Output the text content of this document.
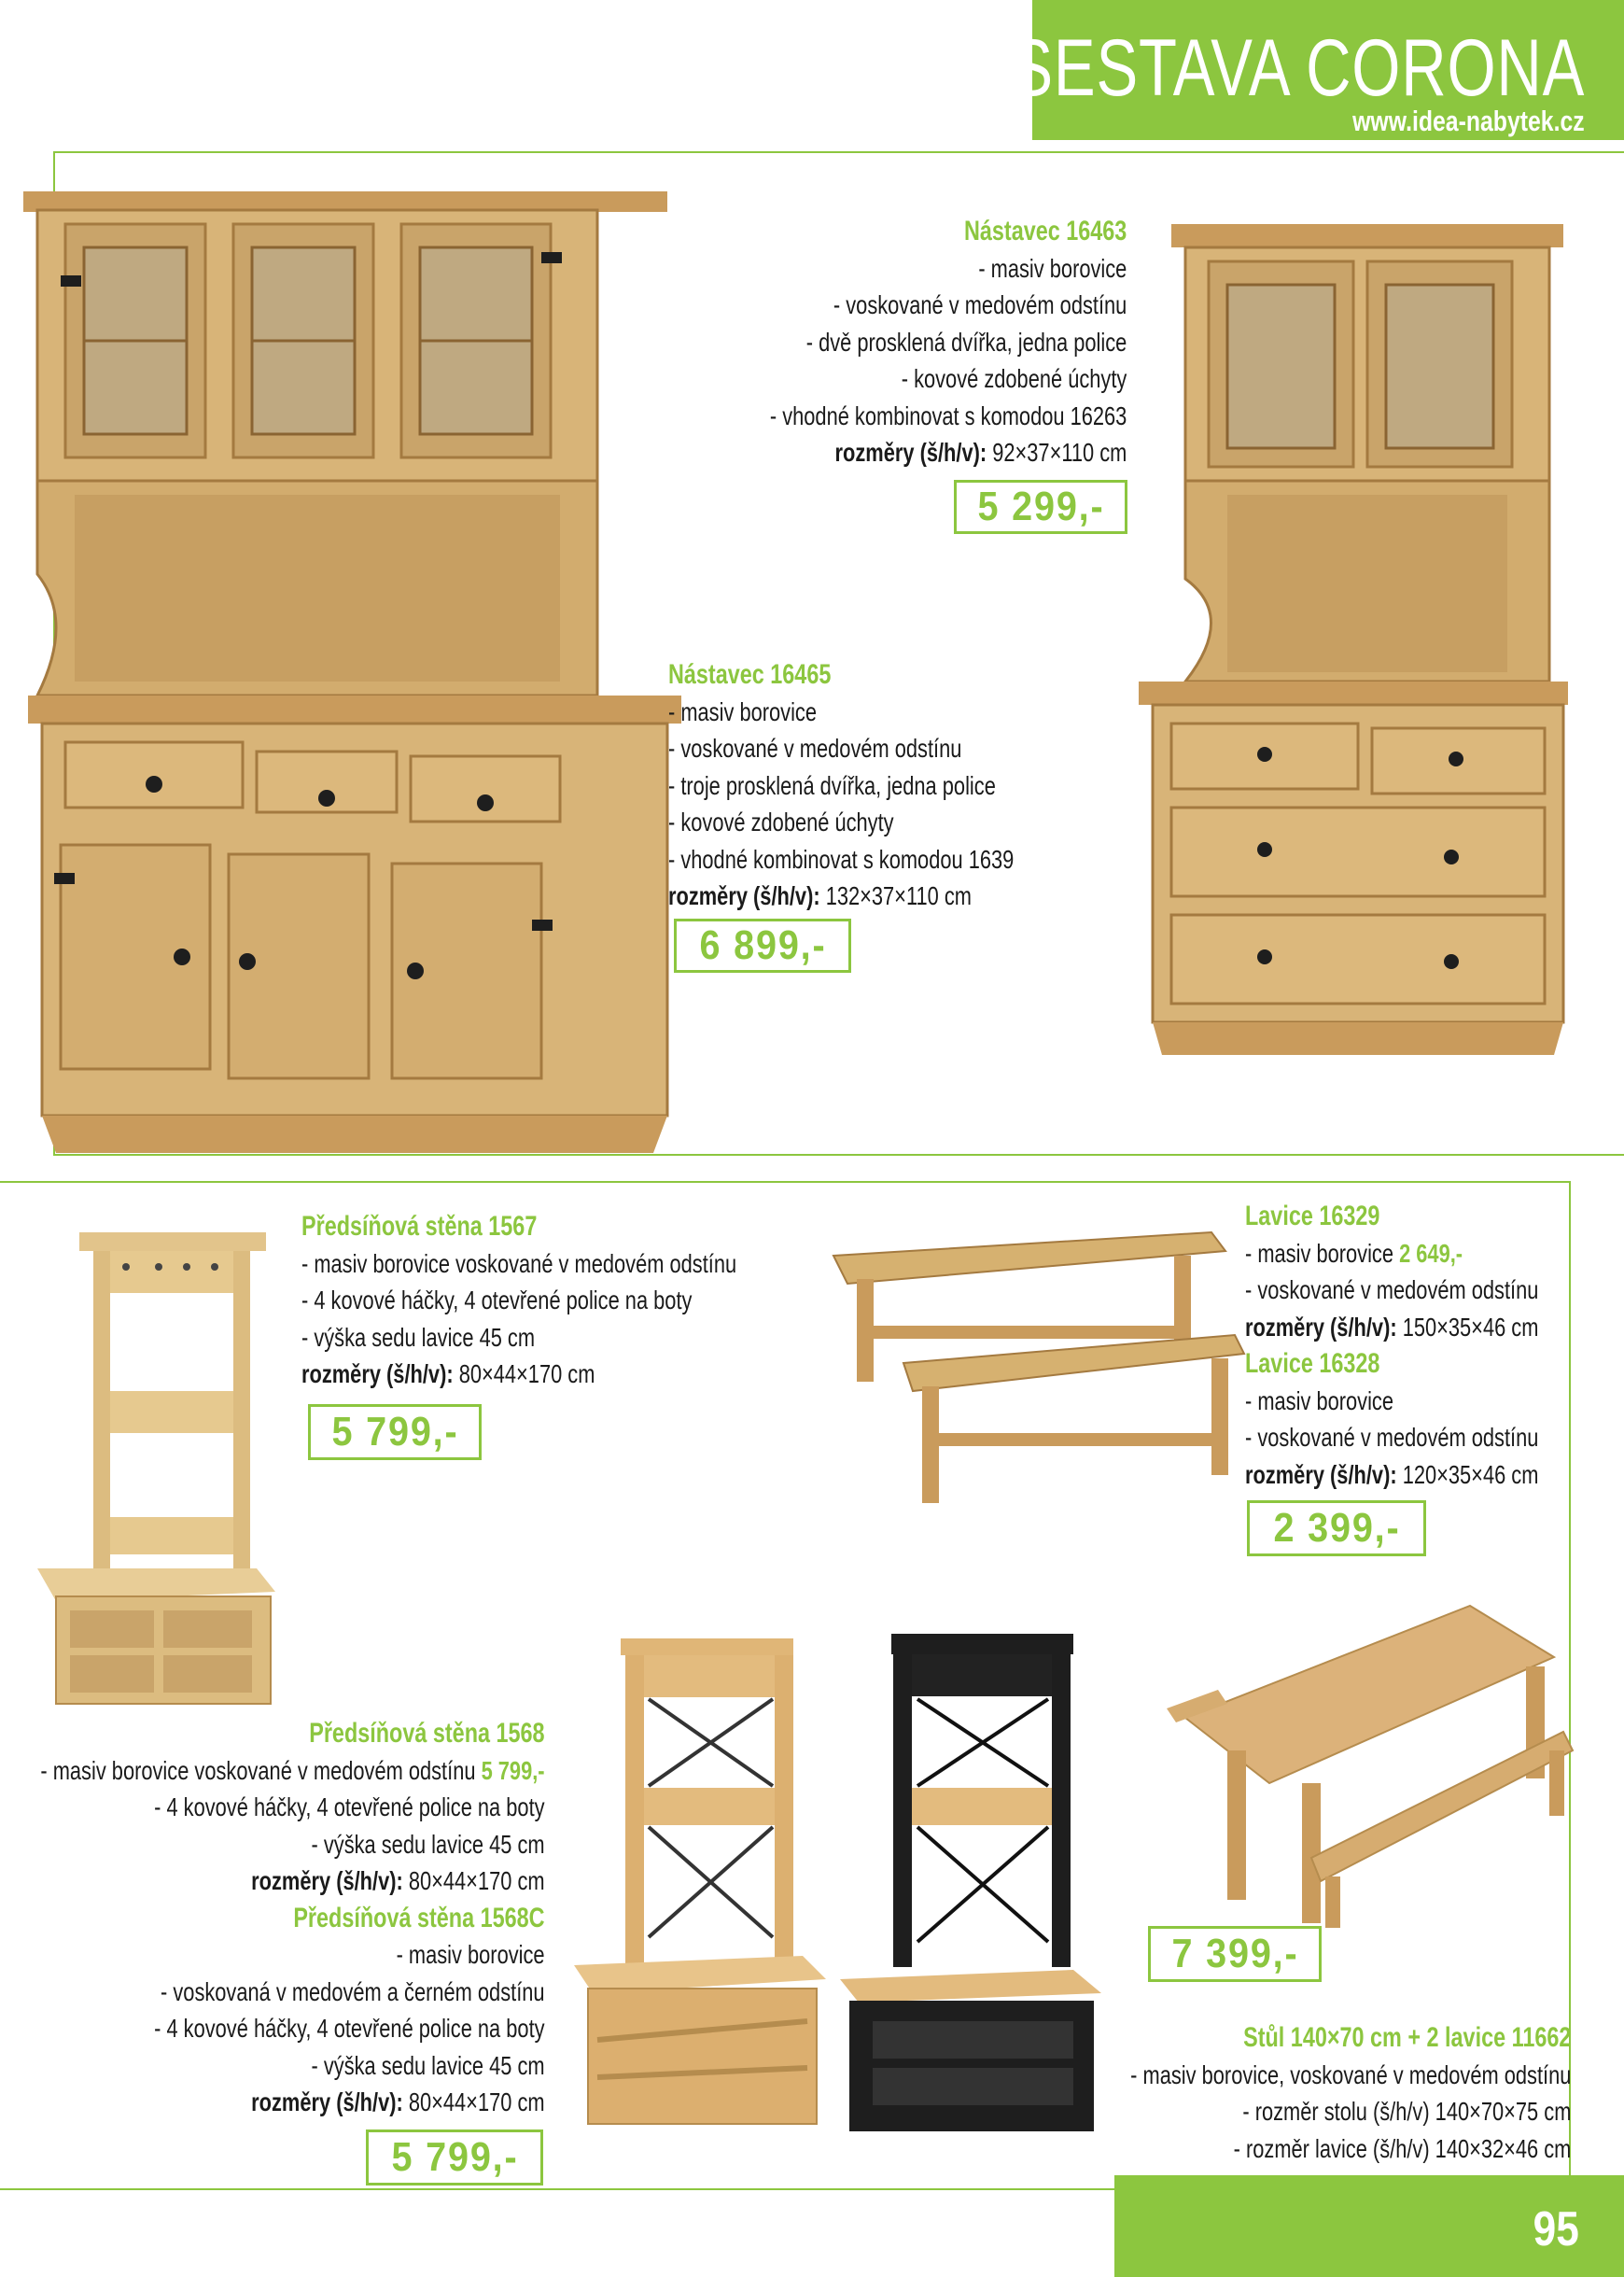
SESTAVA CORONA
www.idea-nabytek.cz
Nástavec 16463
- masiv borovice
- voskované v medovém odstínu
- dvě prosklená dvířka, jedna police
- kovové zdobené úchyty
- vhodné kombinovat s komodou 16263
rozměry (š/h/v): 92×37×110 cm
5 299,-
Nástavec 16465
- masiv borovice
- voskované v medovém odstínu
- troje prosklená dvířka, jedna police
- kovové zdobené úchyty
- vhodné kombinovat s komodou 1639
rozměry (š/h/v): 132×37×110 cm
6 899,-
Předsíňová stěna 1567
- masiv borovice voskované v medovém odstínu
- 4 kovové háčky, 4 otevřené police na boty
- výška sedu lavice 45 cm
rozměry (š/h/v): 80×44×170 cm
5 799,-
Lavice 16329
- masiv borovice 2 649,-
- voskované v medovém odstínu
rozměry (š/h/v): 150×35×46 cm
Lavice 16328
- masiv borovice
- voskované v medovém odstínu
rozměry (š/h/v): 120×35×46 cm
2 399,-
Předsíňová stěna 1568
- masiv borovice voskované v medovém odstínu 5 799,-
- 4 kovové háčky, 4 otevřené police na boty
- výška sedu lavice 45 cm
rozměry (š/h/v): 80×44×170 cm
Předsíňová stěna 1568C
- masiv borovice
- voskovaná v medovém a černém odstínu
- 4 kovové háčky, 4 otevřené police na boty
- výška sedu lavice 45 cm
rozměry (š/h/v): 80×44×170 cm
5 799,-
7 399,-
Stůl 140×70 cm + 2 lavice 11662
- masiv borovice, voskované v medovém odstínu
- rozměr stolu (š/h/v) 140×70×75 cm
- rozměr lavice (š/h/v) 140×32×46 cm
95
